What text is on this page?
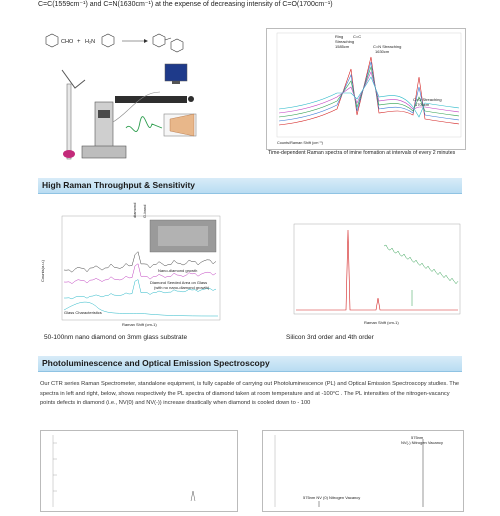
C=C(1559cm⁻¹) and C=N(1630cm⁻¹) at the expense of decreasing intensity of C=O(1700cm⁻¹)
CHO + H₂N
Ring C=C
Streaching
1585cm	C=N Streaching
1630cm
C=O Streaching
1700cm
Counts/Raman Shift (cm⁻¹)
Time-dependent Raman spectra of imine formation at intervals of every 2 minutes
High Raman Throughput & Sensitivity
diamond G-band
Nano-diamond growth
Diamond Seeded Area on Glass
(with no nano-diamond growth)
Glass Characteristics
Raman Shift (cm-1)
Counts(a.u.)
50-100nm nano diamond on 3mm glass substrate
Raman Shift (cm-1)
Silicon 3rd order and 4th order
Photoluminescence and Optical Emission Spectroscopy
Our CTR series Raman Spectrometer, standalone equipment, is fully capable of carrying out Photoluminescence (PL) and Optical Emission Spectroscopy studies. The spectra in left and right, below, shows respectively the PL spectra of diamond taken at room temperature and at -100°C . The PL intensities of the nitrogen-vacancy points defects in diamond (i.e., NV(0) and NV(-)) increase drastically when diamond is cooled down to - 100
575nm
NV(-) Nitrogen Vacancy
575nm NV (0) Nitrogen Vacancy
